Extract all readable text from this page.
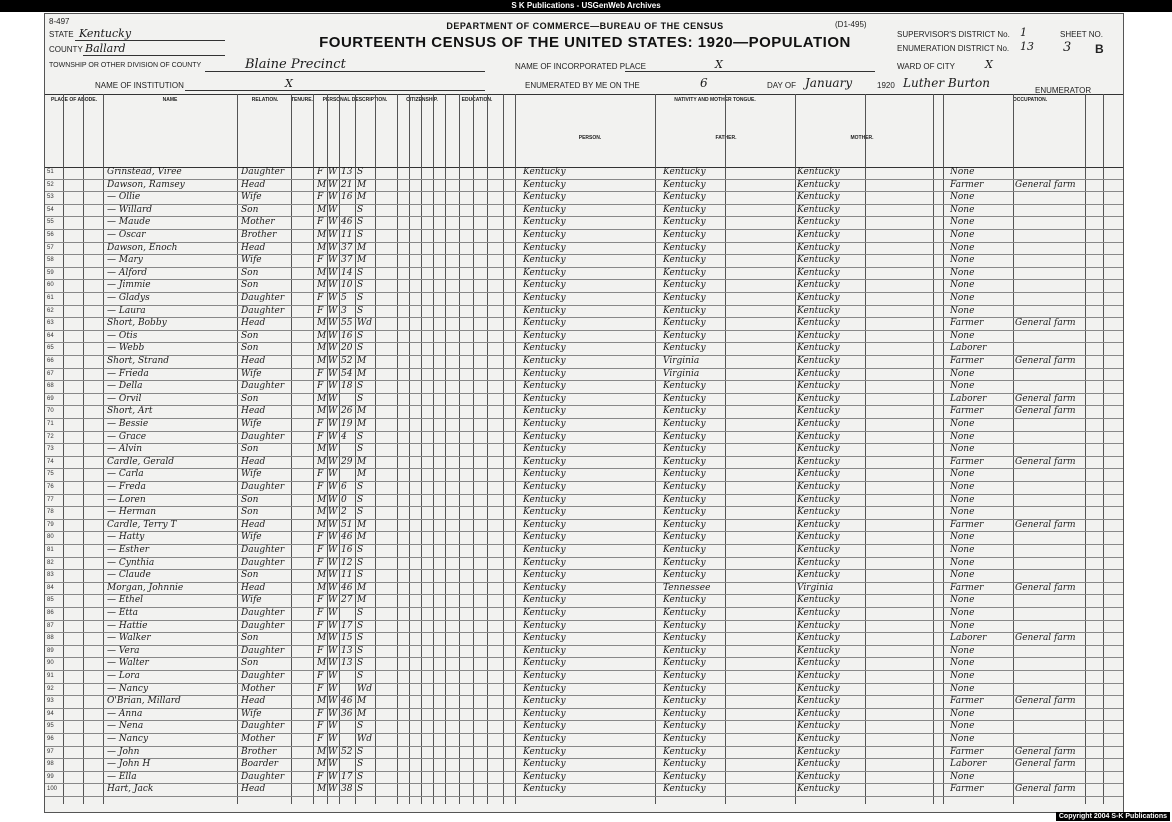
S K Publications - USGenWeb Archives
8-497	DEPARTMENT OF COMMERCE—BUREAU OF THE CENSUS	(D1-495)
FOURTEENTH CENSUS OF THE UNITED STATES: 1920—POPULATION
STATE Kentucky
COUNTY Ballard
TOWNSHIP OR OTHER DIVISION OF COUNTY	Blaine Precinct	NAME OF INCORPORATED PLACE	X
NAME OF INSTITUTION	X	ENUMERATED BY ME ON THE	6	DAY OF January	1920 Luther Burton
ENUMERATOR
SUPERVISOR'S DISTRICT No. 1	SHEET NO.
ENUMERATION DISTRICT No. 13 3 B
WARD OF CITY	X
PLACE OF ABODE.	NAME	RELATION.	TENURE.	PERSONAL DESCRIPTION.	CITIZENSHIP.	EDUCATION.	NATIVITY AND MOTHER TONGUE.
PERSON.	FATHER.	MOTHER.
OCCUPATION.
51	Grinstead, Viree	Daughter	F W 13 S	Kentucky	Kentucky	Kentucky	None
52	Dawson, Ramsey	Head	M W 21 M	Kentucky	Kentucky	Kentucky	Farmer	General farm
53	— Ollie	Wife	F W 16 M	Kentucky	Kentucky	Kentucky	None
54	— Willard	Son	M W	S	Kentucky	Kentucky	Kentucky	None
55	— Maude	Mother	F W 46 S	Kentucky	Kentucky	Kentucky	None
56	— Oscar	Brother	M W 11 S	Kentucky	Kentucky	Kentucky	None
57	Dawson, Enoch	Head	M W 37 M	Kentucky	Kentucky	Kentucky	None
58	— Mary	Wife	F W 37 M	Kentucky	Kentucky	Kentucky	None
59	— Alford	Son	M W 14 S	Kentucky	Kentucky	Kentucky	None
60	— Jimmie	Son	M W 10 S	Kentucky	Kentucky	Kentucky	None
61	— Gladys	Daughter	F W 5	S	Kentucky	Kentucky	Kentucky	None
62	— Laura	Daughter	F W 3	S	Kentucky	Kentucky	Kentucky	None
63	Short, Bobby	Head	M W 55 Wd	Kentucky	Kentucky	Kentucky	Farmer	General farm
64	— Otis	Son	M W 16 S	Kentucky	Kentucky	Kentucky	None
65	— Webb	Son	M W 20 S	Kentucky	Kentucky	Kentucky	Laborer
66	Short, Strand	Head	M W 52 M	Kentucky	Virginia	Kentucky	Farmer	General farm
67	— Frieda	Wife	F W 54 M	Kentucky	Virginia	Kentucky	None
68	— Della	Daughter	F W 18 S	Kentucky	Kentucky	Kentucky	None
69	— Orvil	Son	M W	S	Kentucky	Kentucky	Kentucky	Laborer	General farm
70	Short, Art	Head	M W 26 M	Kentucky	Kentucky	Kentucky	Farmer	General farm
71	— Bessie	Wife	F W 19 M	Kentucky	Kentucky	Kentucky	None
72	— Grace	Daughter	F W 4	S	Kentucky	Kentucky	Kentucky	None
73	— Alvin	Son	M W	S	Kentucky	Kentucky	Kentucky	None
74	Cardle, Gerald	Head	M W 29 M	Kentucky	Kentucky	Kentucky	Farmer	General farm
75	— Carla	Wife	F W	M	Kentucky	Kentucky	Kentucky	None
76	— Freda	Daughter	F W 6	S	Kentucky	Kentucky	Kentucky	None
77	— Loren	Son	M W 0	S	Kentucky	Kentucky	Kentucky	None
78	— Herman	Son	M W 2	S	Kentucky	Kentucky	Kentucky	None
79	Cardle, Terry T	Head	M W 51 M	Kentucky	Kentucky	Kentucky	Farmer	General farm
80	— Hatty	Wife	F W 46 M	Kentucky	Kentucky	Kentucky	None
81	— Esther	Daughter	F W 16 S	Kentucky	Kentucky	Kentucky	None
82	— Cynthia	Daughter	F W 12 S	Kentucky	Kentucky	Kentucky	None
83	— Claude	Son	M W 11 S	Kentucky	Kentucky	Kentucky	None
84	Morgan, Johnnie	Head	M W 46 M	Kentucky	Tennessee	Virginia	Farmer	General farm
85	— Ethel	Wife	F W 27 M	Kentucky	Kentucky	Kentucky	None
86	— Etta	Daughter	F W	S	Kentucky	Kentucky	Kentucky	None
87	— Hattie	Daughter	F W 17 S	Kentucky	Kentucky	Kentucky	None
88	— Walker	Son	M W 15 S	Kentucky	Kentucky	Kentucky	Laborer	General farm
89	— Vera	Daughter	F W 13 S	Kentucky	Kentucky	Kentucky	None
90	— Walter	Son	M W 13 S	Kentucky	Kentucky	Kentucky	None
91	— Lora	Daughter	F W	S	Kentucky	Kentucky	Kentucky	None
92	— Nancy	Mother	F W	Wd	Kentucky	Kentucky	Kentucky	None
93	O'Brian, Millard	Head	M W 46 M	Kentucky	Kentucky	Kentucky	Farmer	General farm
94	— Anna	Wife	F W 36 M	Kentucky	Kentucky	Kentucky	None
95	— Nena	Daughter	F W	S	Kentucky	Kentucky	Kentucky	None
96	— Nancy	Mother	F W	Wd	Kentucky	Kentucky	Kentucky	None
97	— John	Brother	M W 52 S	Kentucky	Kentucky	Kentucky	Farmer	General farm
98	— John H	Boarder	M W	S	Kentucky	Kentucky	Kentucky	Laborer	General farm
99	— Ella	Daughter	F W 17 S	Kentucky	Kentucky	Kentucky	None
100	Hart, Jack	Head	M W 38 S	Kentucky	Kentucky	Kentucky	Farmer	General farm
Copyright 2004 S-K Publications
